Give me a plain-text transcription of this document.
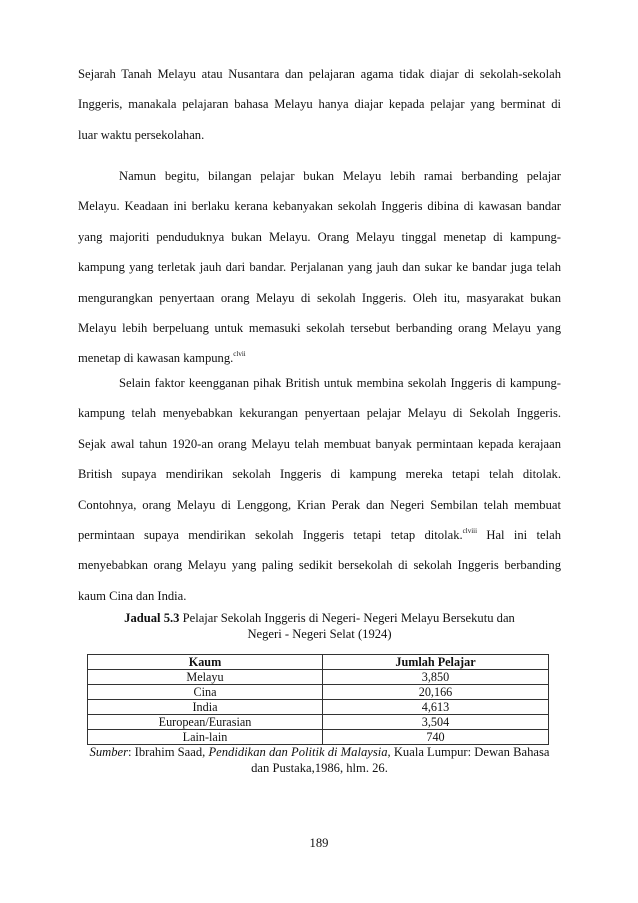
Sejarah Tanah Melayu atau Nusantara dan pelajaran agama tidak diajar di sekolah-sekolah
Inggeris, manakala pelajaran bahasa Melayu hanya diajar kepada pelajar yang berminat di
luar waktu persekolahan.
Namun begitu, bilangan pelajar bukan Melayu lebih ramai berbanding pelajar
Melayu. Keadaan ini berlaku kerana kebanyakan sekolah Inggeris dibina di kawasan bandar
yang majoriti penduduknya bukan Melayu. Orang Melayu tinggal menetap di kampung-
kampung yang terletak jauh dari bandar. Perjalanan yang jauh dan sukar ke bandar juga telah
mengurangkan penyertaan orang Melayu di sekolah Inggeris. Oleh itu, masyarakat bukan
Melayu lebih berpeluang untuk memasuki sekolah tersebut berbanding orang Melayu yang
menetap di kawasan kampung.$^{clvii}$
Selain faktor keengganan pihak British untuk membina sekolah Inggeris di kampung-
kampung telah menyebabkan kekurangan penyertaan pelajar Melayu di Sekolah Inggeris.
Sejak awal tahun 1920-an orang Melayu telah membuat banyak permintaan kepada kerajaan
British supaya mendirikan sekolah Inggeris di kampung mereka tetapi telah ditolak.
Contohnya, orang Melayu di Lenggong, Krian Perak dan Negeri Sembilan telah membuat
permintaan supaya mendirikan sekolah Inggeris tetapi tetap ditolak.$^{clviii}$ Hal ini telah
menyebabkan orang Melayu yang paling sedikit bersekolah di sekolah Inggeris berbanding
kaum Cina dan India.
Jadual 5.3 Pelajar Sekolah Inggeris di Negeri- Negeri Melayu Bersekutu dan
Negeri - Negeri Selat (1924)
Kaum	Jumlah Pelajar
Melayu	3,850
Cina	20,166
India	4,613
European/Eurasian	3,504
Lain-lain	740
Sumber: Ibrahim Saad, Pendidikan dan Politik di Malaysia, Kuala Lumpur: Dewan Bahasa
dan Pustaka,1986, hlm. 26.
189
